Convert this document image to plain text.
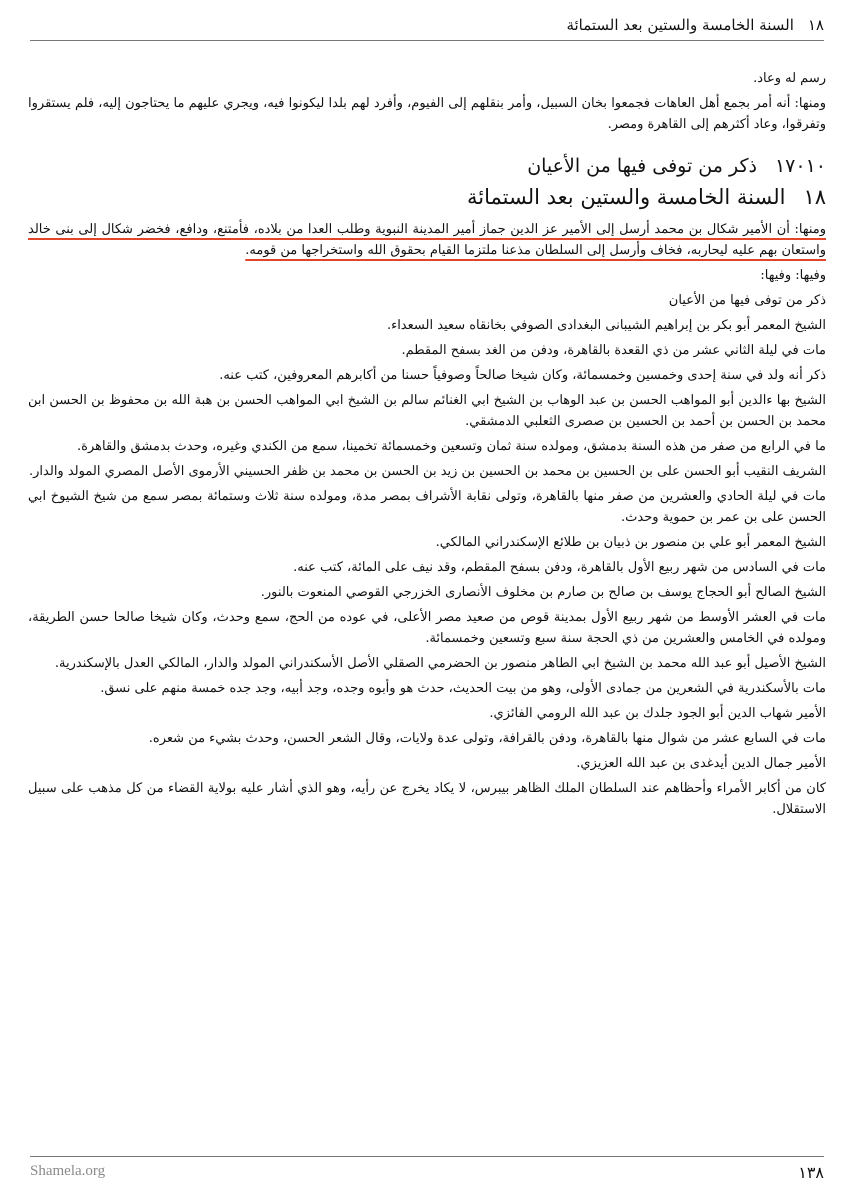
١٨
السنة الخامسة والستين بعد الستمائة

رسم له وعاد.

ومنها: أنه أمر بجمع أهل العاهات فجمعوا بخان السبيل، وأمر بنقلهم إلى الفيوم، وأفرد لهم بلدا ليكونوا فيه، ويجري عليهم ما يحتاجون إليه، فلم يستقروا وتفرقوا، وعاد أكثرهم إلى القاهرة ومصر.

١٧٠١٠ذكر من توفى فيها من الأعيان

١٨السنة الخامسة والستين بعد الستمائة

ومنها: أن الأمير شكال بن محمد أرسل إلى الأمير عز الدين جماز أمير المدينة النبوية وطلب العدا من بلاده، فأمتنع، ودافع، فخضر شكال إلى بنى خالد واستعان بهم عليه ليحاربه، فخاف وأرسل إلى السلطان مذعنا ملتزما القيام بحقوق الله واستخراجها من قومه.

وفيها: وفيها:

ذكر من توفى فيها من الأعيان

الشيخ المعمر أبو بكر بن إبراهيم الشيبانى البغدادى الصوفي بخانقاه سعيد السعداء.

مات في ليلة الثاني عشر من ذي القعدة بالقاهرة، ودفن من الغد بسفح المقطم.

ذكر أنه ولد في سنة إحدى وخمسين وخمسمائة، وكان شيخا صالحاً وصوفياً حسنا من أكابرهم المعروفين، كتب عنه.

الشيخ بها ءالدين أبو المواهب الحسن بن عبد الوهاب بن الشيخ ابي الغنائم سالم بن الشيخ ابي المواهب الحسن بن هبة الله بن محفوظ بن الحسن ابن محمد بن الحسن بن أحمد بن الحسين بن صصرى الثعلبي الدمشقي.

ما في الرابع من صفر من هذه السنة بدمشق، ومولده سنة ثمان وتسعين وخمسمائة تخمينا، سمع من الكندي وغيره، وحدث بدمشق والقاهرة.

الشريف النقيب أبو الحسن على بن الحسين بن محمد بن الحسين بن زيد بن الحسن بن محمد بن ظفر الحسيني الأرموى الأصل المصري المولد والدار.

مات في ليلة الحادي والعشرين من صفر منها بالقاهرة، وتولى نقابة الأشراف بمصر مدة، ومولده سنة ثلاث وستمائة بمصر سمع من شيخ الشيوخ ابي الحسن على بن عمر بن حموية وحدث.

الشيخ المعمر أبو علي بن منصور بن ذبيان بن طلائع الإسكندراني المالكي.

مات في السادس من شهر ربيع الأول بالقاهرة، ودفن بسفح المقطم، وقد نيف على المائة، كتب عنه.

الشيخ الصالح أبو الحجاج يوسف بن صالح بن صارم بن مخلوف الأنصارى الخزرجي القوصي المنعوت بالنور.

مات في العشر الأوسط من شهر ربيع الأول بمدينة قوص من صعيد مصر الأعلى، في عوده من الحج، سمع وحدث، وكان شيخا صالحا حسن الطريقة، ومولده في الخامس والعشرين من ذي الحجة سنة سبع وتسعين وخمسمائة.

الشيخ الأصيل أبو عبد الله محمد بن الشيخ ابي الطاهر منصور بن الحضرمي الصقلي الأصل الأسكندراني المولد والدار، المالكي العدل بالإسكندرية.

مات بالأسكندرية في الشعرين من جمادى الأولى، وهو من بيت الحديث، حدث هو وأبوه وجده، وجد أبيه، وجد جده خمسة منهم على نسق.

الأمير شهاب الدين أبو الجود جلدك بن عبد الله الرومي الفائزي.

مات في السابع عشر من شوال منها بالقاهرة، ودفن بالقرافة، وتولى عدة ولايات، وقال الشعر الحسن، وحدث بشيء من شعره.

الأمير جمال الدين أيدغدى بن عبد الله العزيزي.

كان من أكابر الأمراء وأحظاهم عند السلطان الملك الظاهر بيبرس، لا يكاد يخرج عن رأيه، وهو الذي أشار عليه بولاية القضاء من كل مذهب على سبيل الاستقلال.

Shamela.org	١٣٨
